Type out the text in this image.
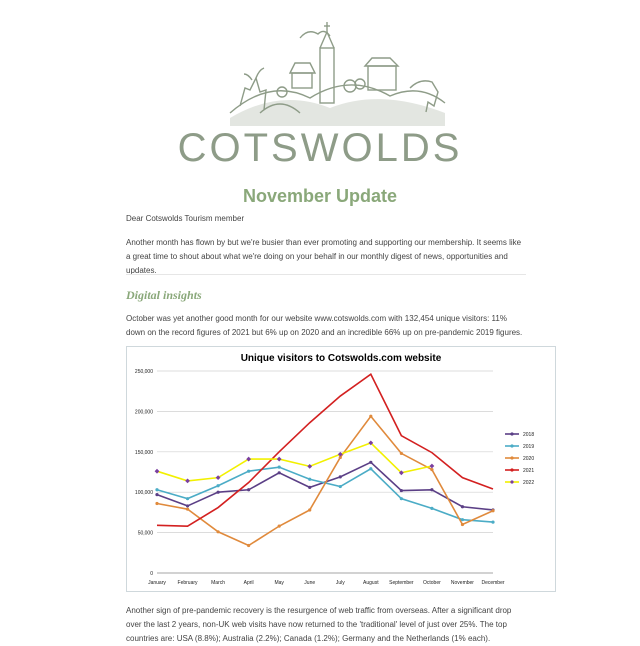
COTSWOLDS
November Update
Dear Cotswolds Tourism member
Another month has flown by but we're busier than ever promoting and supporting our membership. It seems like a great time to shout about what we're doing on your behalf in our monthly digest of news, opportunities and updates.
Digital insights
October was yet another good month for our website www.cotswolds.com with 132,454 unique visitors: 11% down on the record figures of 2021 but 6% up on 2020 and an incredible 66% up on pre-pandemic 2019 figures.
Unique visitors to Cotswolds.com website
0
50,000
100,000
150,000
200,000
250,000
January February	March	April	May	June	July	August September October November December
2018
2019
2020
2021
2022
Another sign of pre-pandemic recovery is the resurgence of web traffic from overseas. After a significant drop over the last 2 years, non-UK web visits have now returned to the 'traditional' level of just over 25%. The top countries are: USA (8.8%); Australia (2.2%); Canada (1.2%); Germany and the Netherlands (1% each).
